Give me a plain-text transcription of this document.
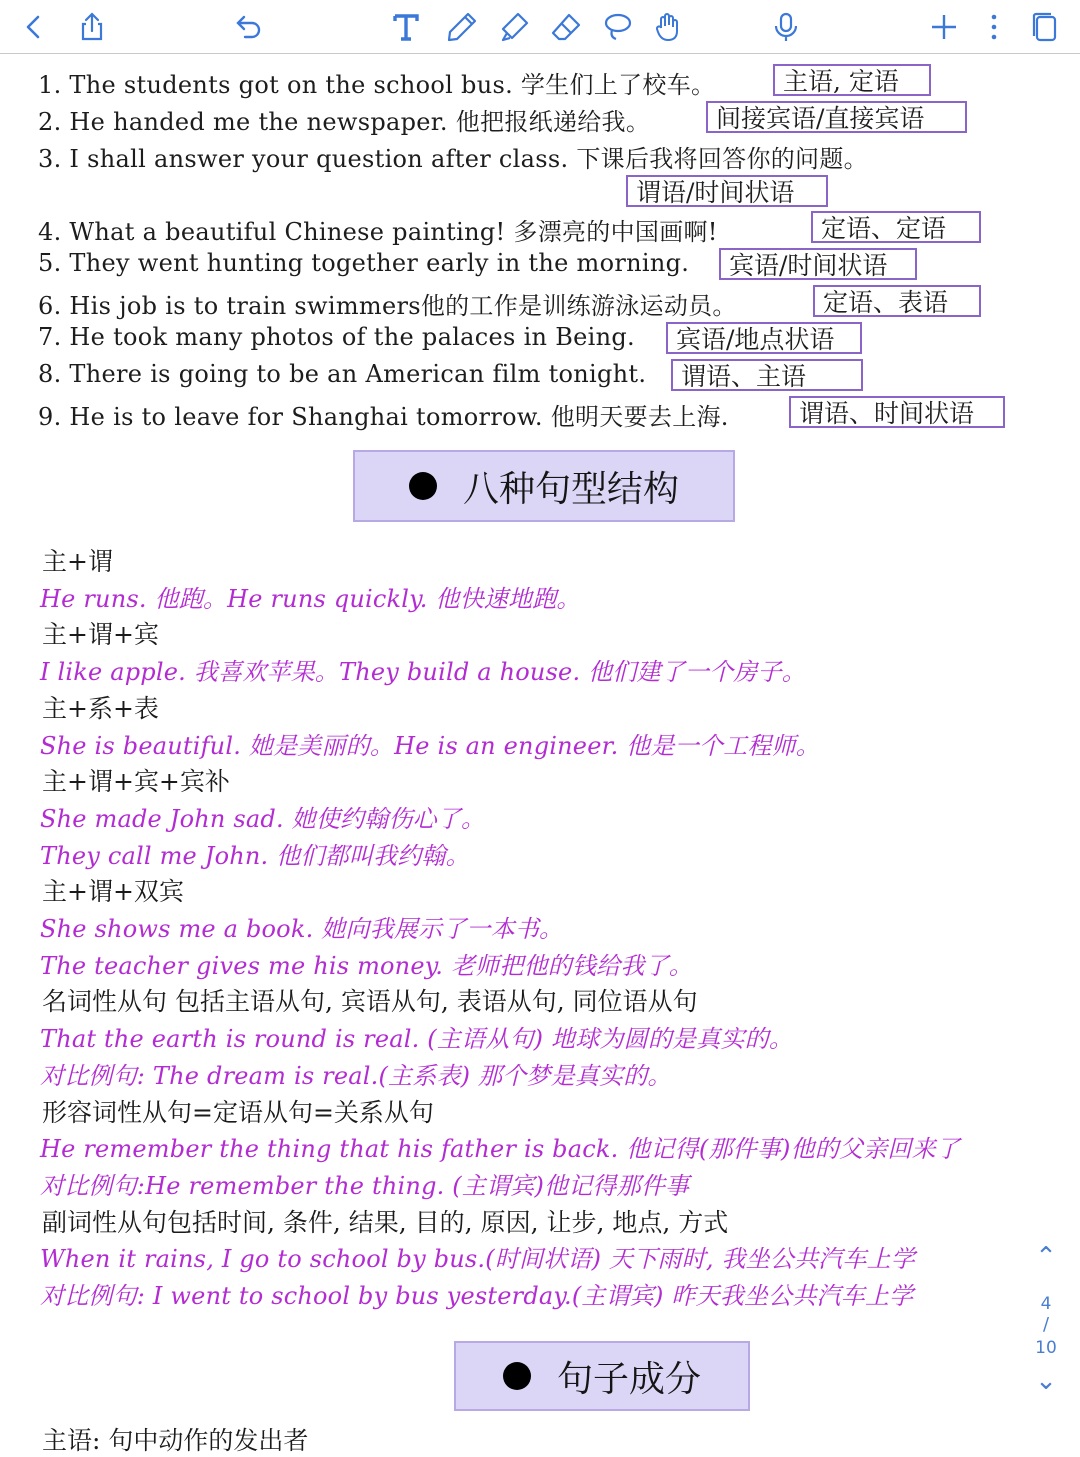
1. The students got on the school bus. 学生们上了校车。	主语, 定语
2. He handed me the newspaper. 他把报纸递给我。	间接宾语/直接宾语
3. I shall answer your question after class. 下课后我将回答你的问题。
谓语/时间状语
4. What a beautiful Chinese painting! 多漂亮的中国画啊!	定语、定语
5. They went hunting together early in the morning.	宾语/时间状语
6. His job is to train swimmers他的工作是训练游泳运动员。	定语、表语
7. He took many photos of the palaces in Being.	宾语/地点状语
8. There is going to be an American film tonight.	谓语、主语
9. He is to leave for Shanghai tomorrow. 他明天要去上海.	谓语、时间状语
八种句型结构
主+谓
He runs. 他跑。He runs quickly. 他快速地跑。
主+谓+宾
I like apple. 我喜欢苹果。They build a house. 他们建了一个房子。
主+系+表
She is beautiful. 她是美丽的。He is an engineer. 他是一个工程师。
主+谓+宾+宾补
She made John sad. 她使约翰伤心了。
They call me John. 他们都叫我约翰。
主+谓+双宾
She shows me a book. 她向我展示了一本书。
The teacher gives me his money. 老师把他的钱给我了。
名词性从句 包括主语从句, 宾语从句, 表语从句, 同位语从句
That the earth is round is real. (主语从句) 地球为圆的是真实的。
对比例句: The dream is real.(主系表) 那个梦是真实的。
形容词性从句=定语从句=关系从句
He remember the thing that his father is back. 他记得(那件事)他的父亲回来了
对比例句:He remember the thing. (主谓宾)他记得那件事
副词性从句包括时间, 条件, 结果, 目的, 原因, 让步, 地点, 方式
When it rains, I go to school by bus.(时间状语) 天下雨时, 我坐公共汽车上学
对比例句: I went to school by bus yesterday.(主谓宾) 昨天我坐公共汽车上学
句子成分
主语: 句中动作的发出者
⌃
4
/
10
⌄
